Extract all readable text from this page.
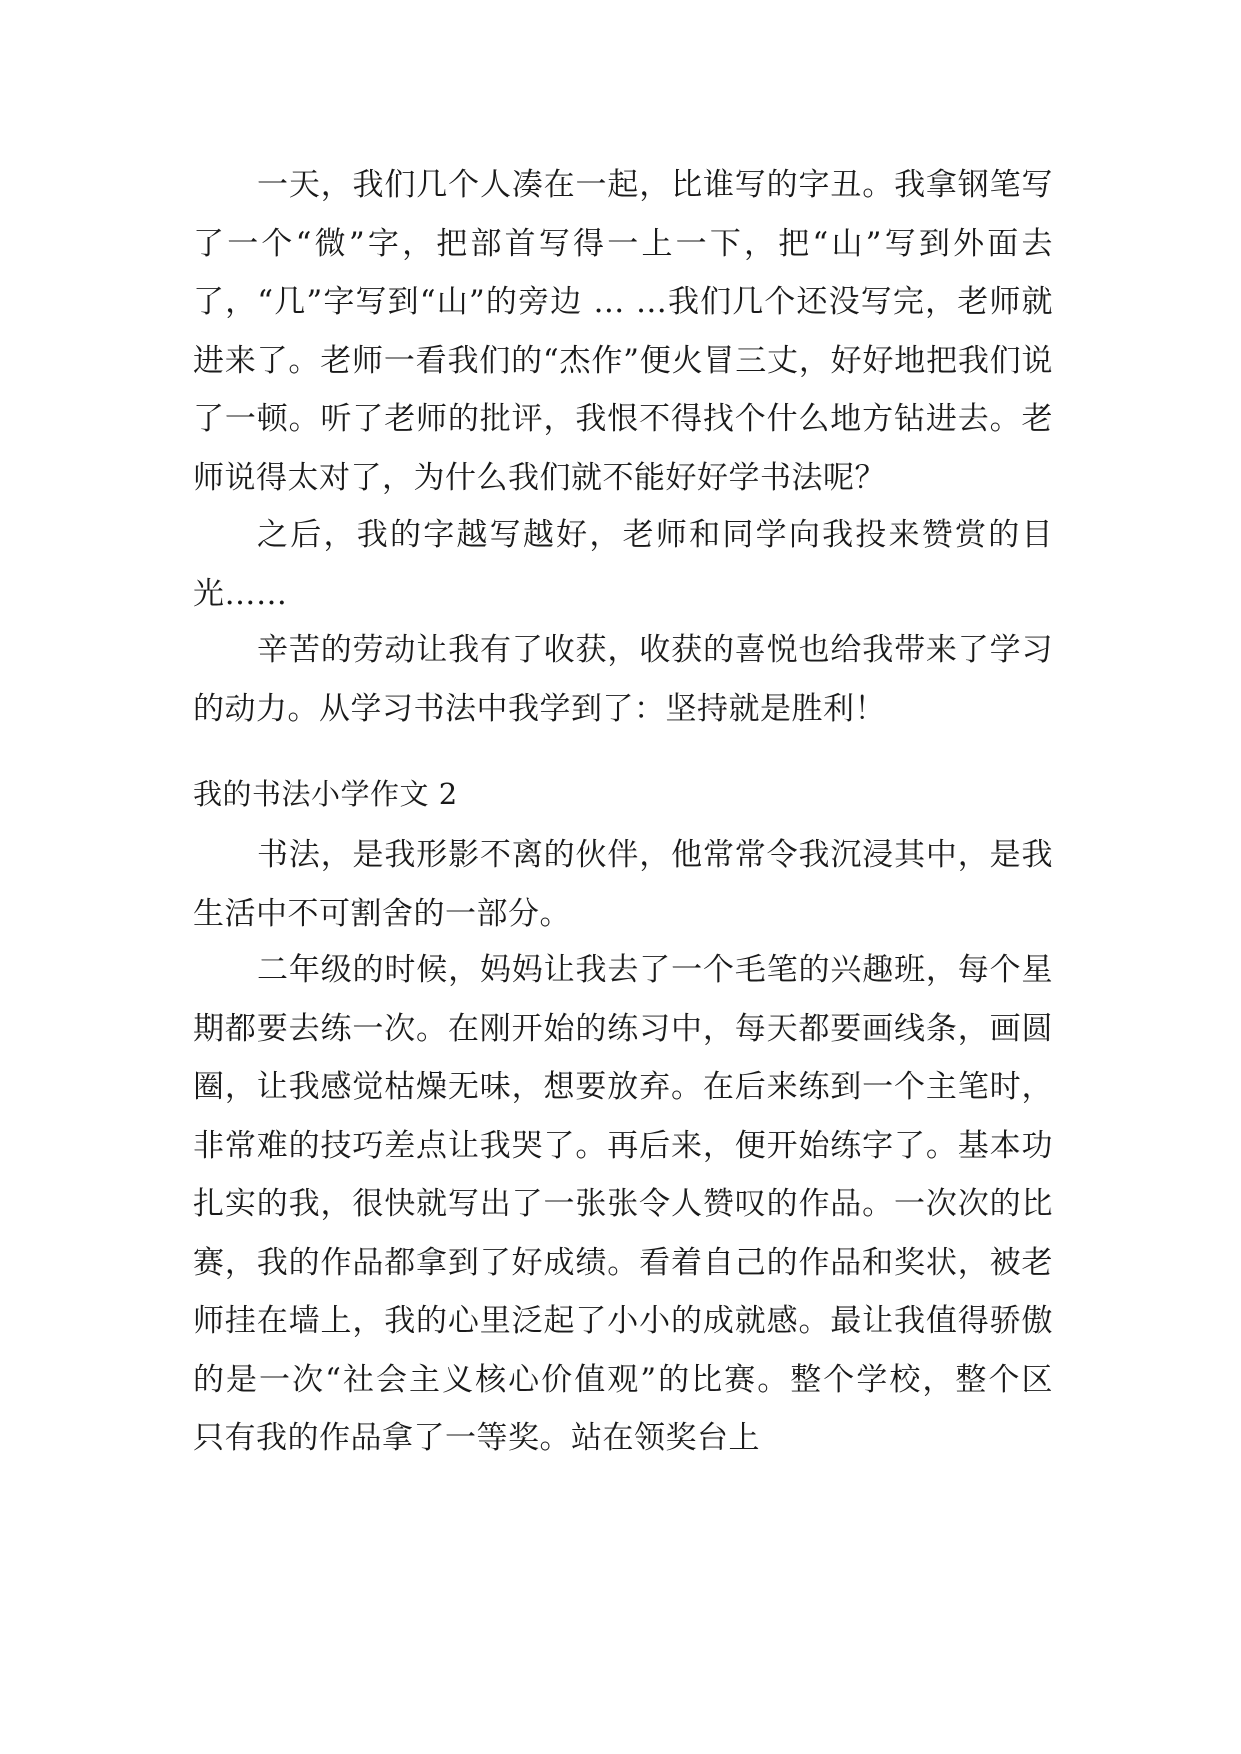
一天，我们几个人凑在一起，比谁写的字丑。我拿钢笔写了一个“微”字，把部首写得一上一下，把“山”写到外面去了，“几”字写到“山”的旁边 … …我们几个还没写完，老师就进来了。老师一看我们的“杰作”便火冒三丈，好好地把我们说了一顿。听了老师的批评，我恨不得找个什么地方钻进去。老师说得太对了，为什么我们就不能好好学书法呢？

之后，我的字越写越好，老师和同学向我投来赞赏的目光……

辛苦的劳动让我有了收获，收获的喜悦也给我带来了学习的动力。从学习书法中我学到了：坚持就是胜利！

我的书法小学作文 2

书法，是我形影不离的伙伴，他常常令我沉浸其中，是我生活中不可割舍的一部分。

二年级的时候，妈妈让我去了一个毛笔的兴趣班，每个星期都要去练一次。在刚开始的练习中，每天都要画线条，画圆圈，让我感觉枯燥无味，想要放弃。在后来练到一个主笔时，非常难的技巧差点让我哭了。再后来，便开始练字了。基本功扎实的我，很快就写出了一张张令人赞叹的作品。一次次的比赛，我的作品都拿到了好成绩。看着自己的作品和奖状，被老师挂在墙上，我的心里泛起了小小的成就感。最让我值得骄傲的是一次“社会主义核心价值观”的比赛。整个学校，整个区 只有我的作品拿了一等奖。站在领奖台上
